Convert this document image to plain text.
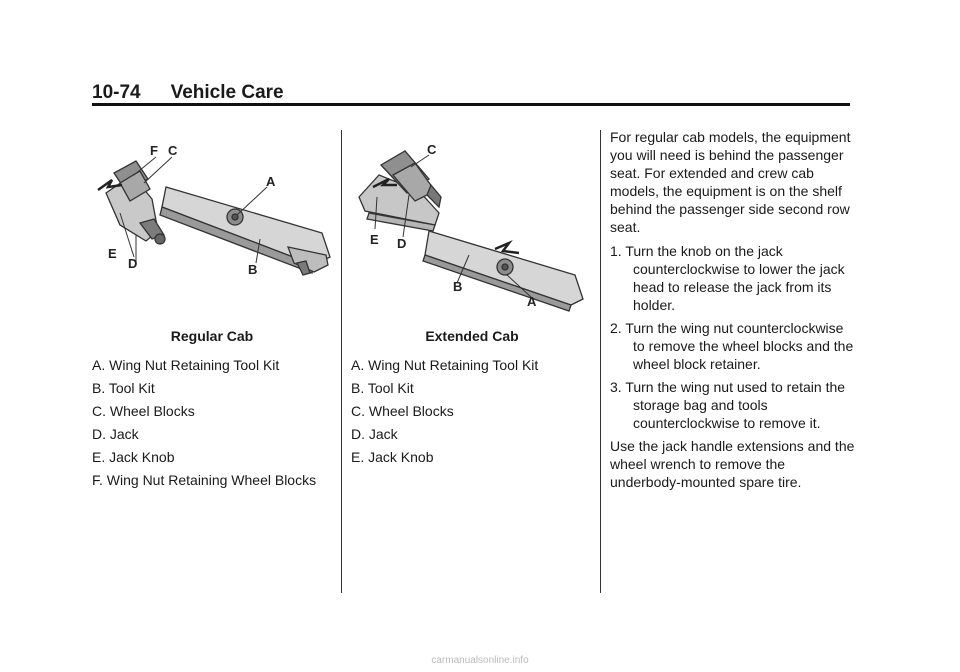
10-74 Vehicle Care
F C
A
B
E
D
Regular Cab
A. Wing Nut Retaining Tool Kit
B. Tool Kit
C. Wheel Blocks
D. Jack
E. Jack Knob
F. Wing Nut Retaining Wheel Blocks
C
E D
B
A
Extended Cab
A. Wing Nut Retaining Tool Kit
B. Tool Kit
C. Wheel Blocks
D. Jack
E. Jack Knob
For regular cab models, the equipment you will need is behind the passenger seat. For extended and crew cab models, the equipment is on the shelf behind the passenger side second row seat.
1. Turn the knob on the jack counterclockwise to lower the jack head to release the jack from its holder.
2. Turn the wing nut counterclockwise to remove the wheel blocks and the wheel block retainer.
3. Turn the wing nut used to retain the storage bag and tools counterclockwise to remove it.
Use the jack handle extensions and the wheel wrench to remove the underbody-mounted spare tire.
carmanualsonline.info
